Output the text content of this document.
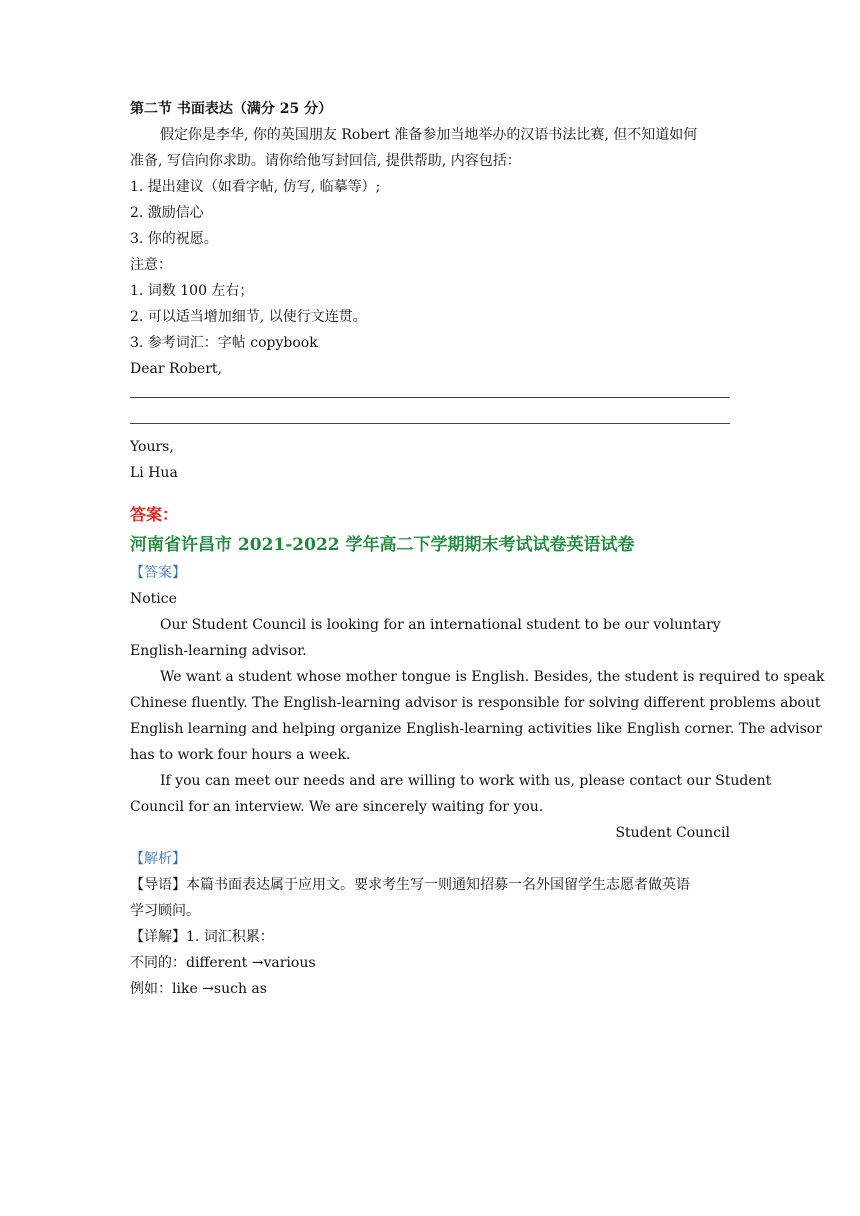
第二节 书面表达（满分 25 分）
假定你是李华, 你的英国朋友 Robert 准备参加当地举办的汉语书法比赛, 但不知道如何
准备, 写信向你求助。请你给他写封回信, 提供帮助, 内容包括：
1. 提出建议（如看字帖, 仿写, 临摹等）;
2. 激励信心
3. 你的祝愿。
注意：
1. 词数 100 左右；
2. 可以适当增加细节, 以使行文连贯。
3. 参考词汇：字帖 copybook
Dear Robert,
Yours,
Li Hua
答案：
河南省许昌市 2021-2022 学年高二下学期期末考试试卷英语试卷
【答案】
Notice
Our Student Council is looking for an international student to be our voluntary
English-learning advisor.
We want a student whose mother tongue is English. Besides, the student is required to speak
Chinese fluently. The English-learning advisor is responsible for solving different problems about
English learning and helping organize English-learning activities like English corner. The advisor
has to work four hours a week.
If you can meet our needs and are willing to work with us, please contact our Student
Council for an interview. We are sincerely waiting for you.
Student Council
【解析】
【导语】本篇书面表达属于应用文。要求考生写一则通知招募一名外国留学生志愿者做英语
学习顾问。
【详解】1. 词汇积累：
不同的：different →various
例如：like →such as
